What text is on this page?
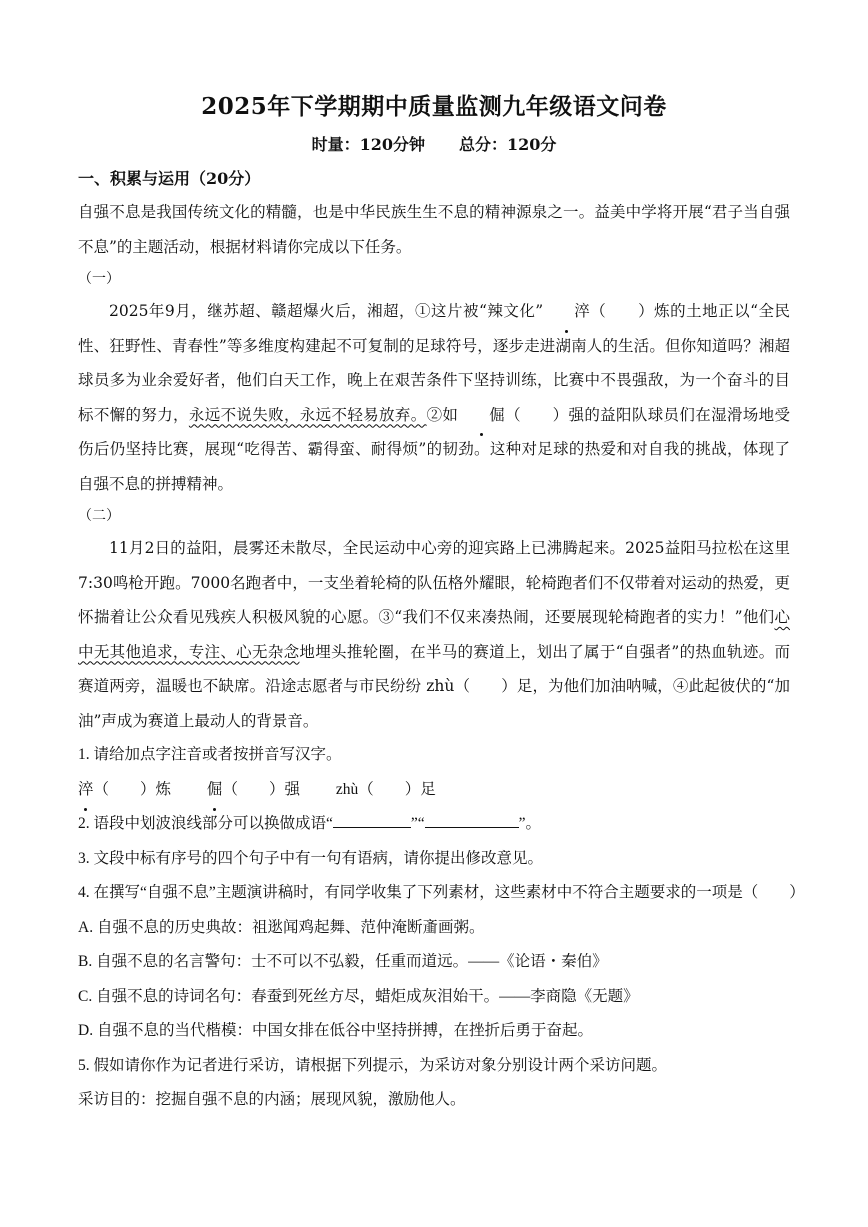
2025年下学期期中质量监测九年级语文问卷
时量：120分钟 总分：120分
一、积累与运用（20分）

自强不息是我国传统文化的精髓，也是中华民族生生不息的精神源泉之一。益美中学将开展“君子当自强不息”的主题活动，根据材料请你完成以下任务。

（一）

2025年9月，继苏超、赣超爆火后，湘超，①这片被“辣文化” 淬（　　）炼的土地正以“全民性、狂野性、青春性”等多维度构建起不可复制的足球符号，逐步走进湖南人的生活。但你知道吗？湘超球员多为业余爱好者，他们白天工作，晚上在艰苦条件下坚持训练，比赛中不畏强敌，为一个奋斗的目标不懈的努力，永远不说失败，永远不轻易放弃。②如 倔（　　）强的益阳队球员们在湿滑场地受伤后仍坚持比赛，展现“吃得苦、霸得蛮、耐得烦”的韧劲。这种对足球的热爱和对自我的挑战，体现了自强不息的拼搏精神。

（二）

11月2日的益阳，晨雾还未散尽，全民运动中心旁的迎宾路上已沸腾起来。2025益阳马拉松在这里7:30鸣枪开跑。7000名跑者中，一支坐着轮椅的队伍格外耀眼，轮椅跑者们不仅带着对运动的热爱，更怀揣着让公众看见残疾人积极风貌的心愿。③“我们不仅来凑热闹，还要展现轮椅跑者的实力！”他们心中无其他追求，专注、心无杂念地埋头推轮圈，在半马的赛道上，划出了属于“自强者”的热血轨迹。而赛道两旁，温暖也不缺席。沿途志愿者与市民纷纷 zhù（　　）足，为他们加油呐喊，④此起彼伏的“加油”声成为赛道上最动人的背景音。

1. 请给加点字注音或者按拼音写汉字。

淬（　　）炼 倔（　　）强 zhù（　　）足

2. 语段中划波浪线部分可以换做成语“	”“	”。

3. 文段中标有序号的四个句子中有一句有语病，请你提出修改意见。

4. 在撰写“自强不息”主题演讲稿时，有同学收集了下列素材，这些素材中不符合主题要求的一项是（　　）

A. 自强不息的历史典故：祖逖闻鸡起舞、范仲淹断齑画粥。

B. 自强不息的名言警句：士不可以不弘毅，任重而道远。——《论语・秦伯》

C. 自强不息的诗词名句：春蚕到死丝方尽，蜡炬成灰泪始干。——李商隐《无题》

D. 自强不息的当代楷模：中国女排在低谷中坚持拼搏，在挫折后勇于奋起。

5. 假如请你作为记者进行采访，请根据下列提示，为采访对象分别设计两个采访问题。

采访目的：挖掘自强不息的内涵；展现风貌，激励他人。
